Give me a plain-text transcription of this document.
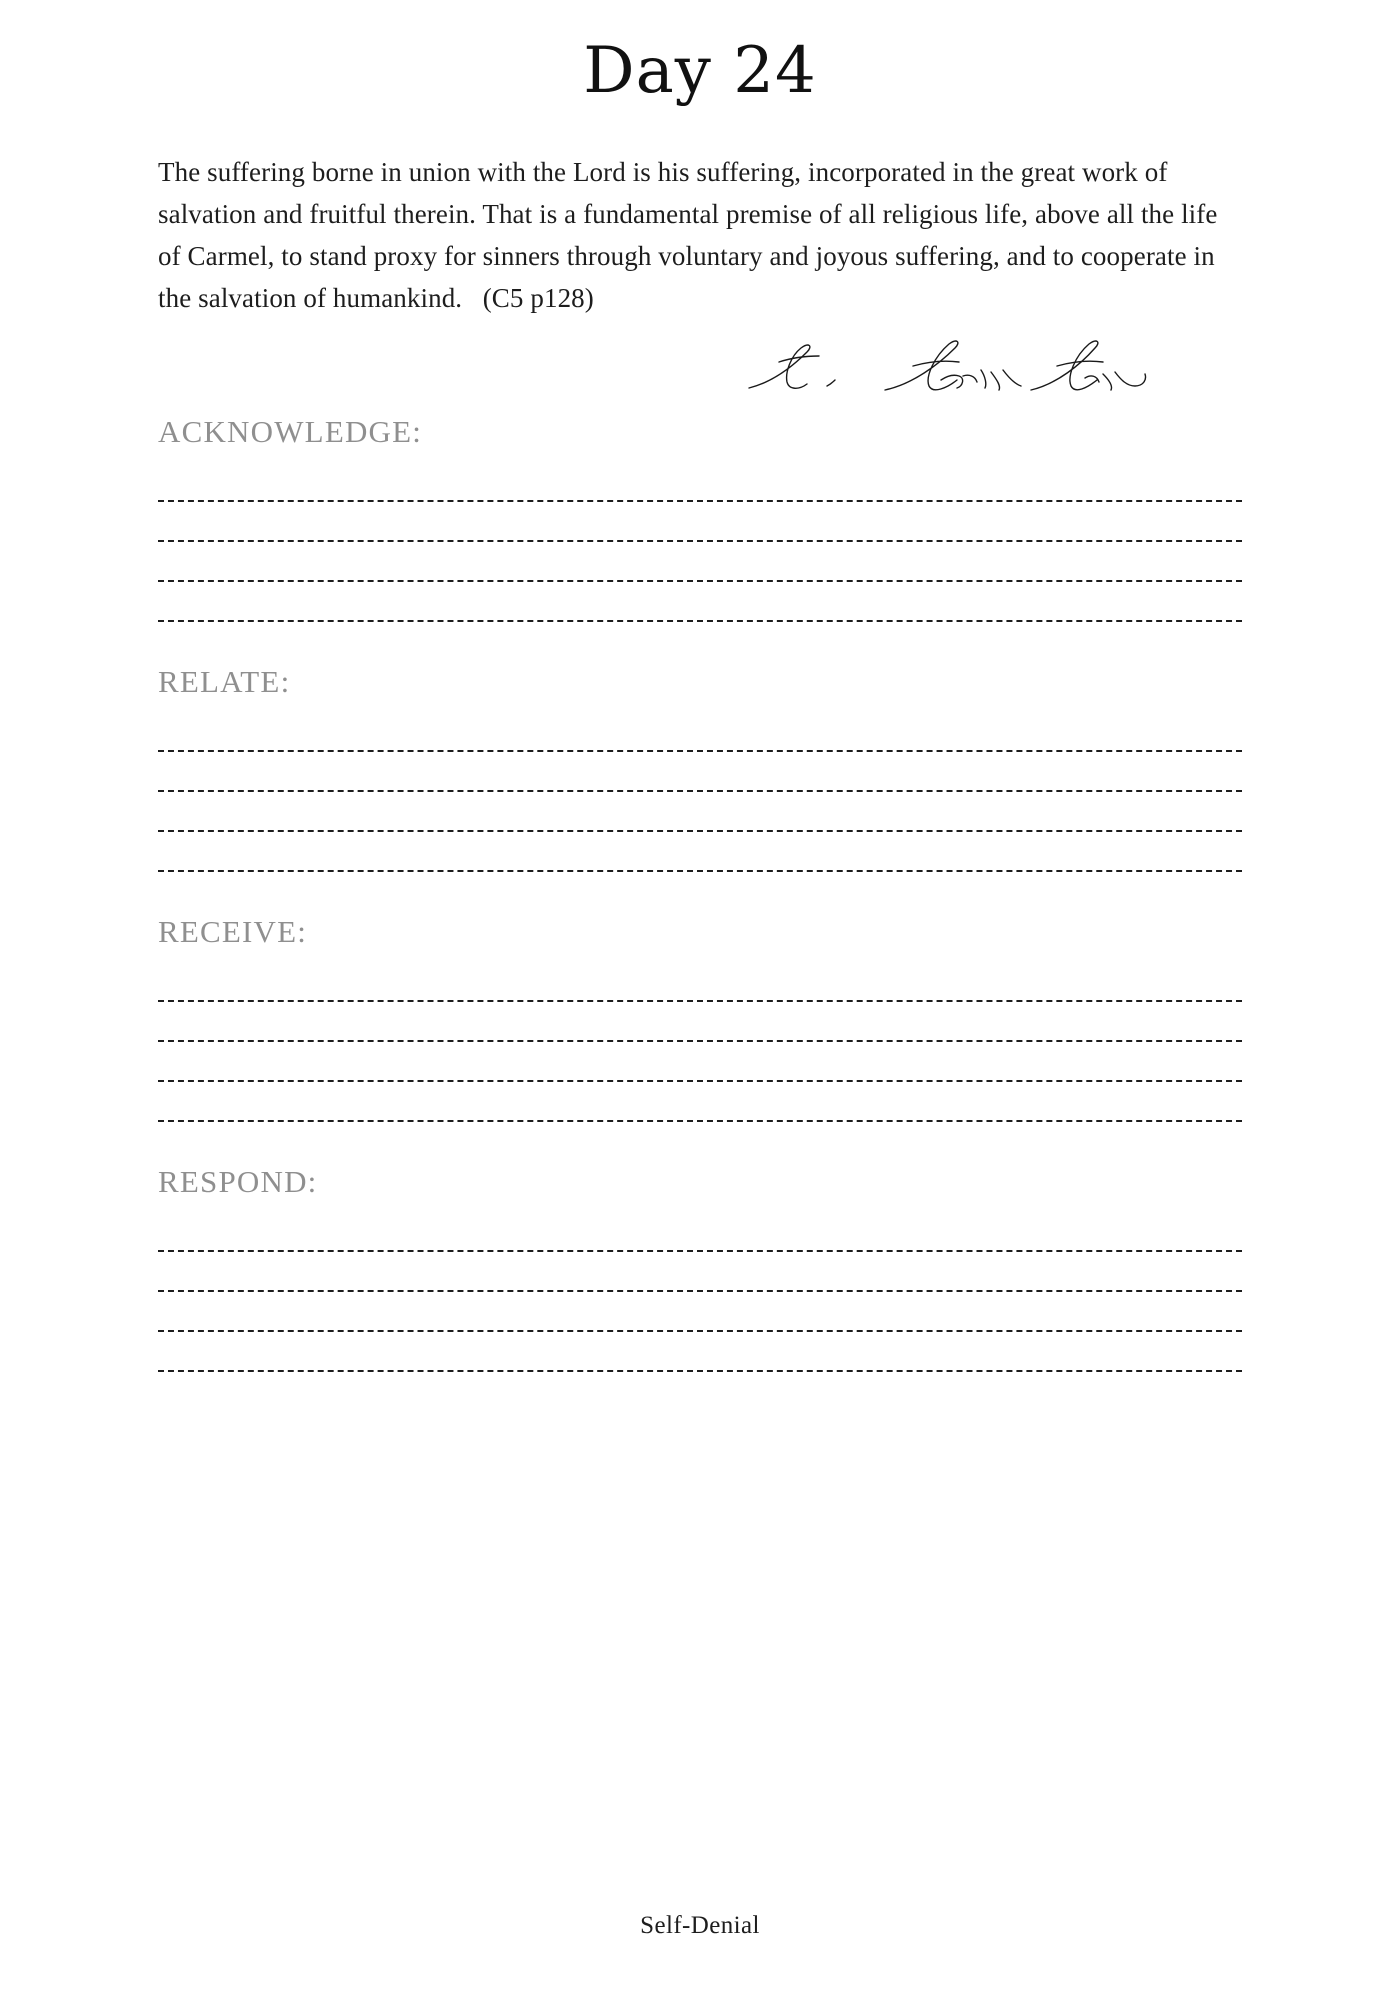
Day 24

The suffering borne in union with the Lord is his suffering, incorporated in the great work of salvation and fruitful therein. That is a fundamental premise of all religious life, above all the life of Carmel, to stand proxy for sinners through voluntary and joyous suffering, and to cooperate in the salvation of humankind. (C5 p128)

ACKNOWLEDGE:
RELATE:
RECEIVE:
RESPOND:
Self-Denial
